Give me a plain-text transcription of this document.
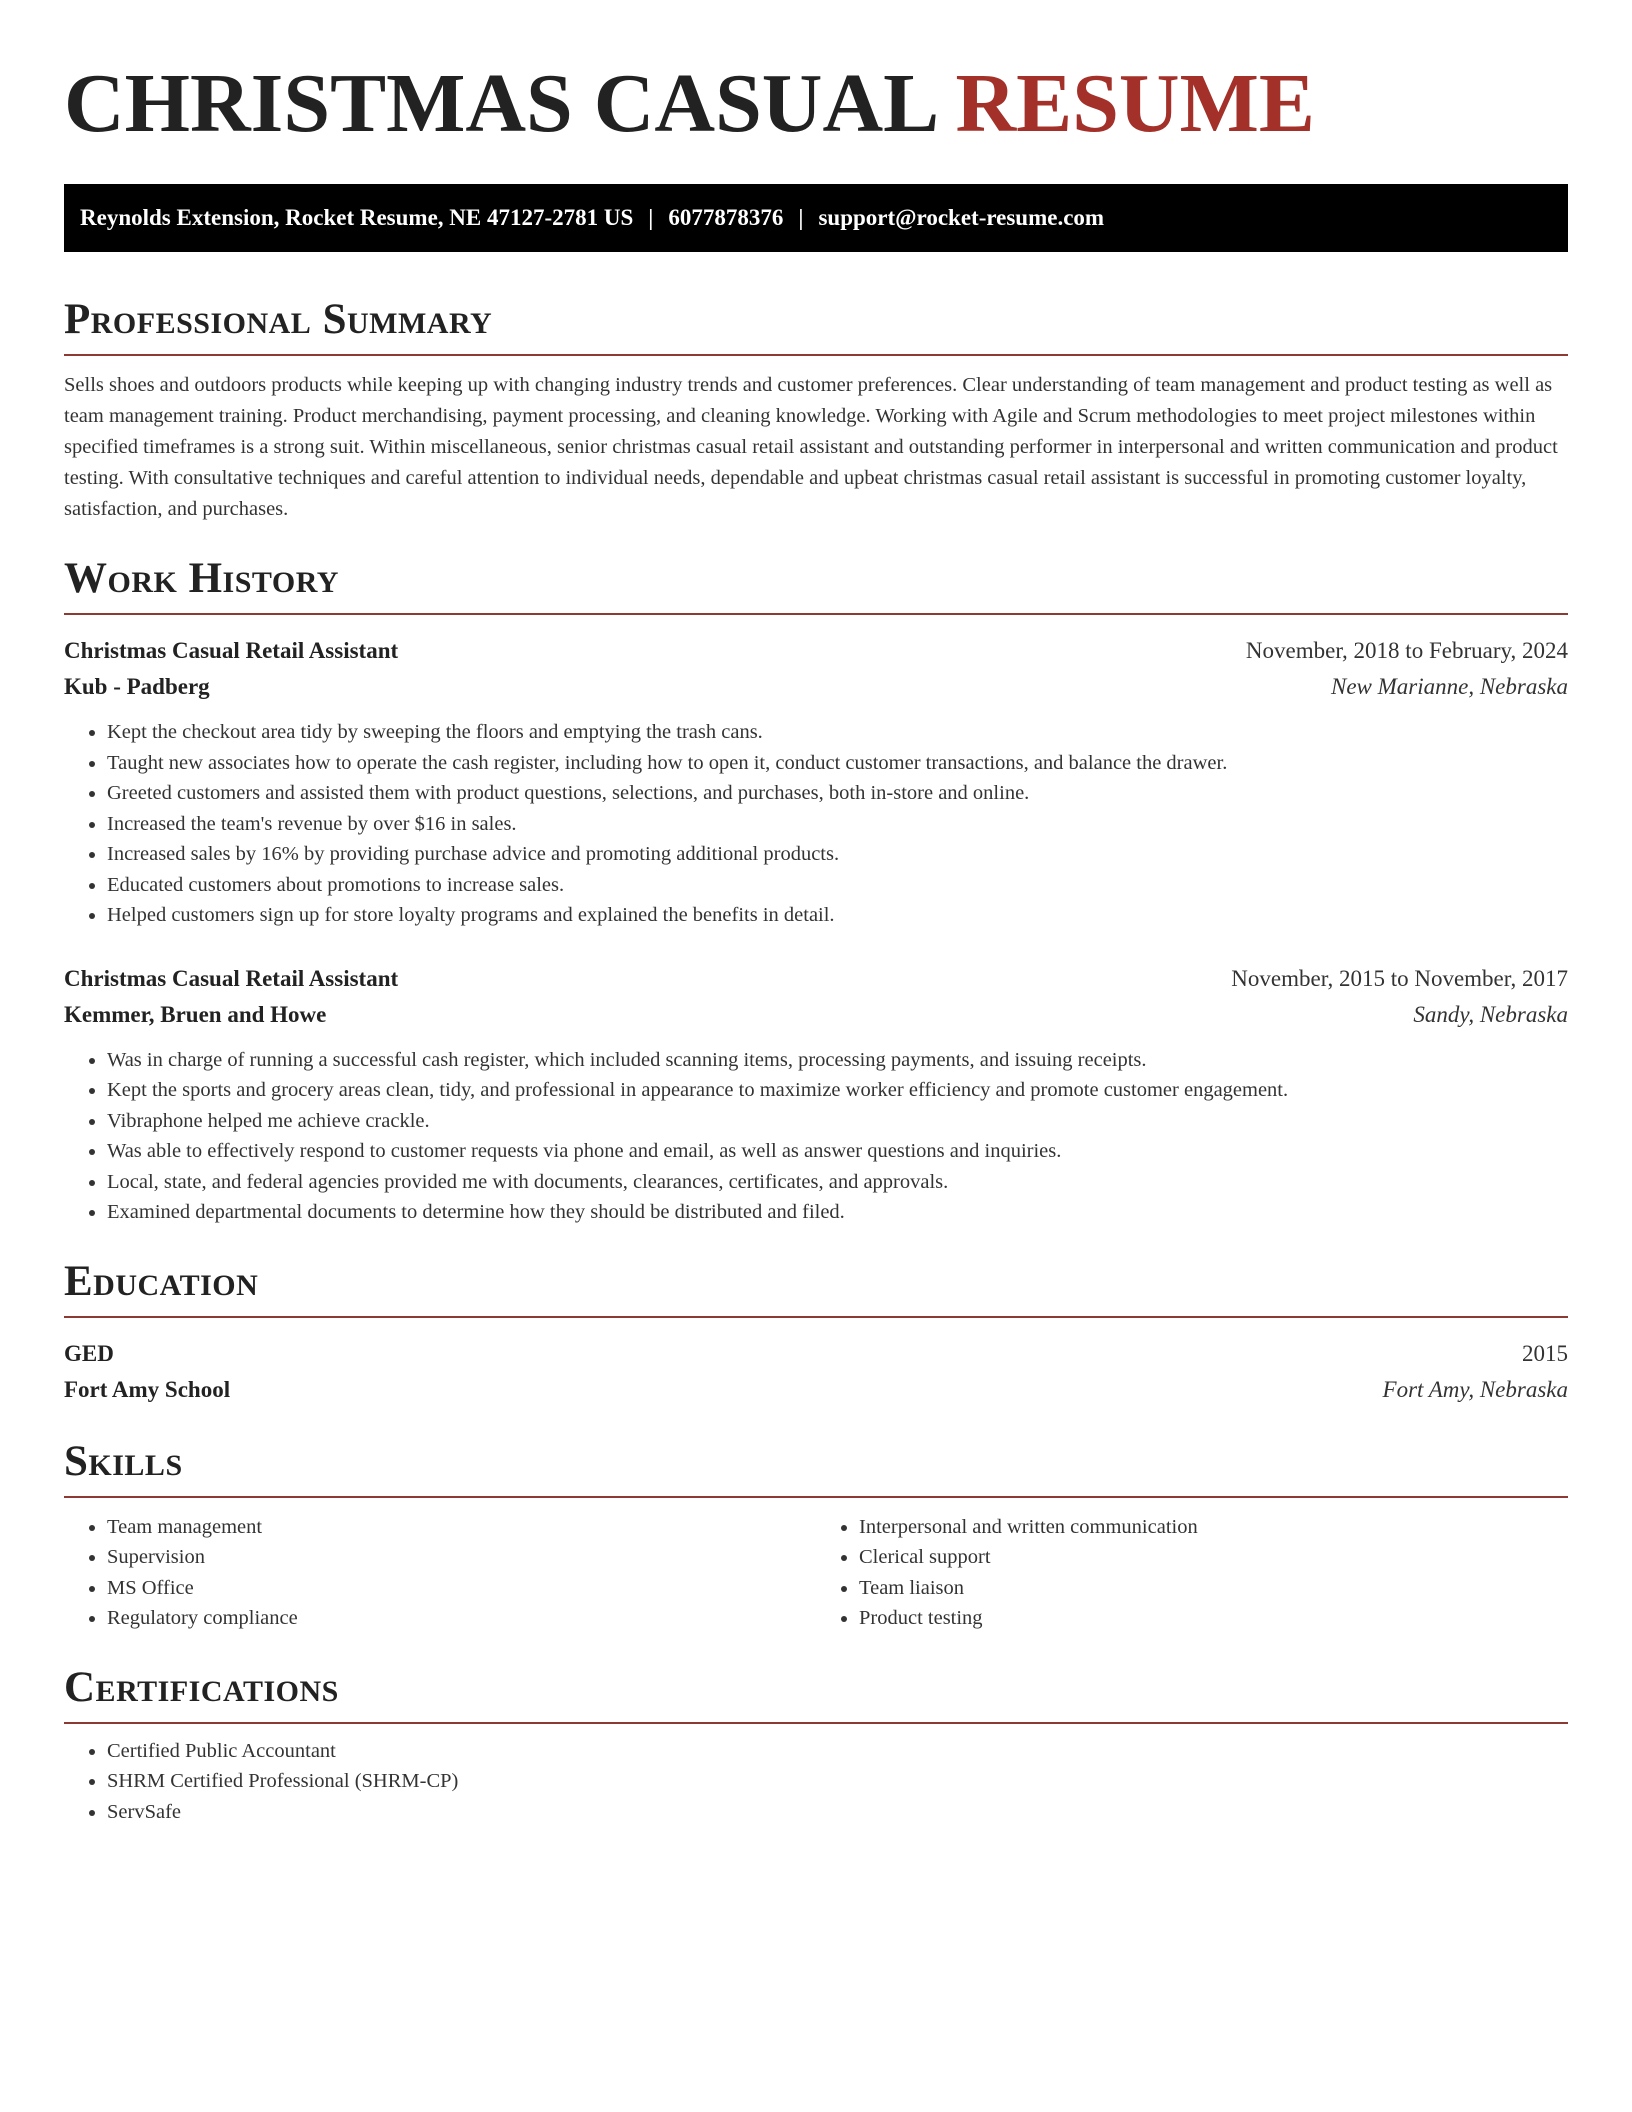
CHRISTMAS CASUAL RESUME
Reynolds Extension, Rocket Resume, NE 47127-2781 US | 6077878376 | support@rocket-resume.com
Professional Summary

Sells shoes and outdoors products while keeping up with changing industry trends and customer preferences. Clear understanding of team management and product testing as well as team management training. Product merchandising, payment processing, and cleaning knowledge. Working with Agile and Scrum methodologies to meet project milestones within specified timeframes is a strong suit. Within miscellaneous, senior christmas casual retail assistant and outstanding performer in interpersonal and written communication and product testing. With consultative techniques and careful attention to individual needs, dependable and upbeat christmas casual retail assistant is successful in promoting customer loyalty, satisfaction, and purchases.

Work History
Christmas Casual Retail Assistant	November, 2018 to February, 2024
Kub - Padberg	New Marianne, Nebraska
• Kept the checkout area tidy by sweeping the floors and emptying the trash cans.
• Taught new associates how to operate the cash register, including how to open it, conduct customer transactions, and balance the drawer.
• Greeted customers and assisted them with product questions, selections, and purchases, both in-store and online.
• Increased the team's revenue by over $16 in sales.
• Increased sales by 16% by providing purchase advice and promoting additional products.
• Educated customers about promotions to increase sales.
• Helped customers sign up for store loyalty programs and explained the benefits in detail.
Christmas Casual Retail Assistant	November, 2015 to November, 2017
Kemmer, Bruen and Howe	Sandy, Nebraska
• Was in charge of running a successful cash register, which included scanning items, processing payments, and issuing receipts.
• Kept the sports and grocery areas clean, tidy, and professional in appearance to maximize worker efficiency and promote customer engagement.
• Vibraphone helped me achieve crackle.
• Was able to effectively respond to customer requests via phone and email, as well as answer questions and inquiries.
• Local, state, and federal agencies provided me with documents, clearances, certificates, and approvals.
• Examined departmental documents to determine how they should be distributed and filed.
Education
GED	2015
Fort Amy School	Fort Amy, Nebraska
Skills
• Team management
• Supervision
• MS Office
• Regulatory compliance
• Interpersonal and written communication
• Clerical support
• Team liaison
• Product testing
Certifications
• Certified Public Accountant
• SHRM Certified Professional (SHRM-CP)
• ServSafe
